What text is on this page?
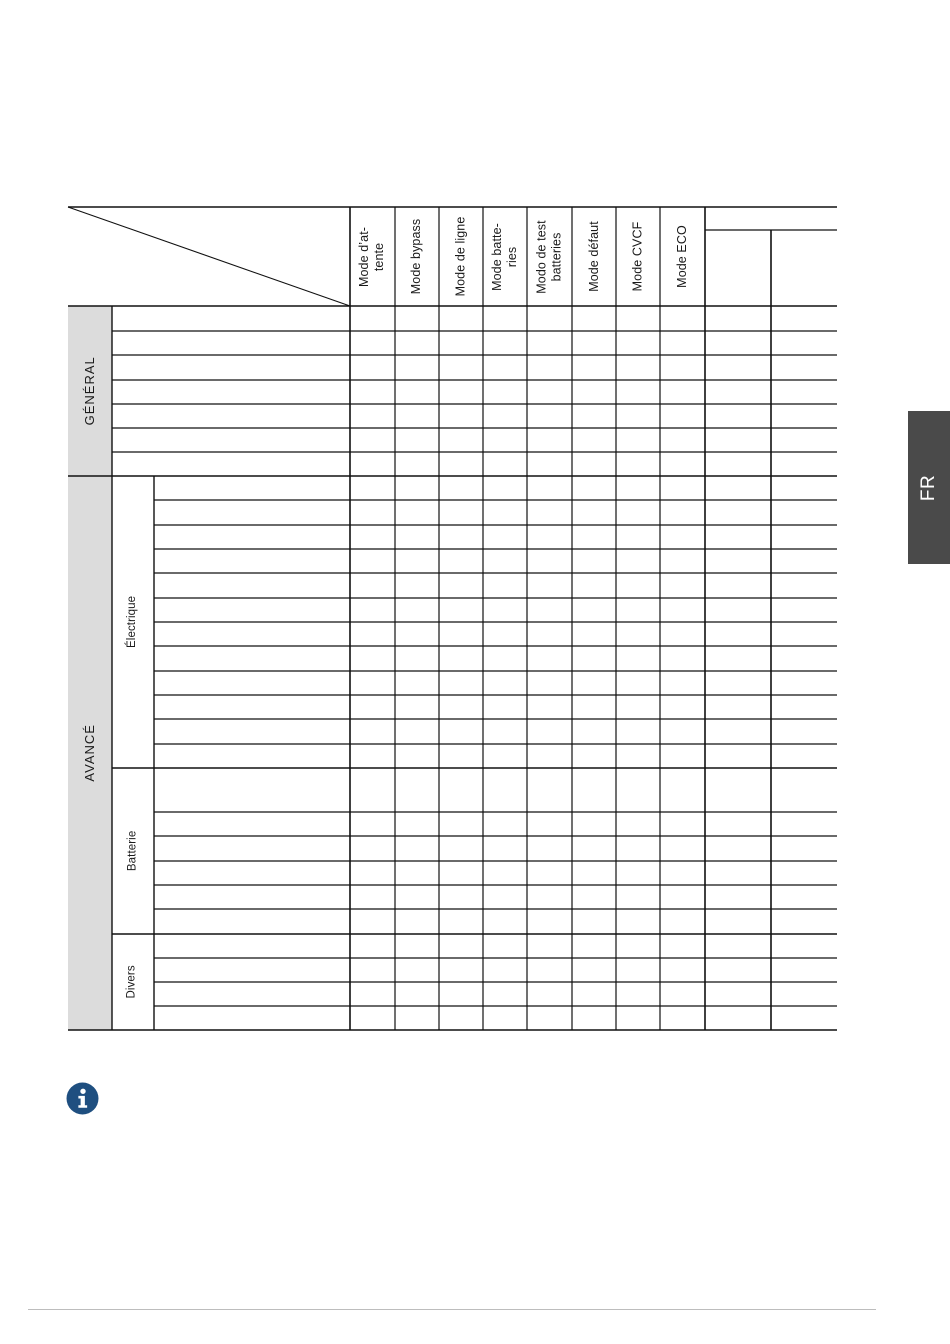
Mode d’at-
tente Mode bypass Mode de ligne Mode batte-
ries Modo de test
batteries Mode défaut Mode CVCF Mode ECO
GÉNÉRAL
AVANCÉ
Électrique
Batterie
Divers
FR
